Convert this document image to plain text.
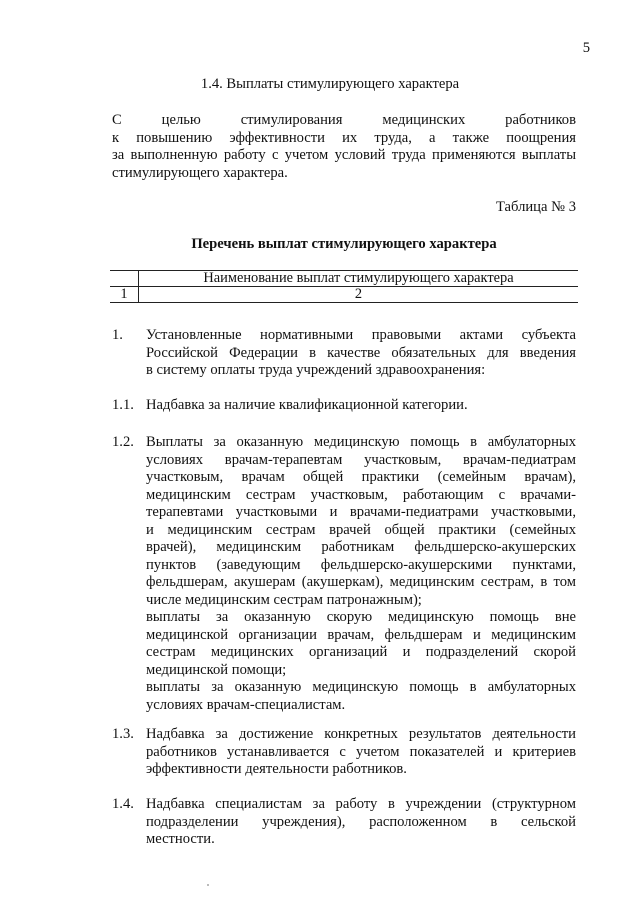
5
1.4. Выплаты стимулирующего характера
С целью стимулирования медицинских работников
к повышению эффективности их труда, а также поощрения
за выполненную работу с учетом условий труда применяются выплаты
стимулирующего характера.
Таблица № 3
Перечень выплат стимулирующего характера
	Наименование выплат стимулирующего характера
1	2
1.	Установленные нормативными правовыми актами субъекта
Российской Федерации в качестве обязательных для введения
в систему оплаты труда учреждений здравоохранения:
1.1. Надбавка за наличие квалификационной категории.
1.2. Выплаты за оказанную медицинскую помощь в амбулаторных
условиях врачам-терапевтам участковым, врачам-педиатрам
участковым, врачам общей практики (семейным врачам),
медицинским сестрам участковым, работающим с врачами-
терапевтами участковыми и врачами-педиатрами участковыми,
и медицинским сестрам врачей общей практики (семейных
врачей), медицинским работникам фельдшерско-акушерских
пунктов (заведующим фельдшерско-акушерскими пунктами,
фельдшерам, акушерам (акушеркам), медицинским сестрам, в том
числе медицинским сестрам патронажным);
выплаты за оказанную скорую медицинскую помощь вне
медицинской организации врачам, фельдшерам и медицинским
сестрам медицинских организаций и подразделений скорой
медицинской помощи;
выплаты за оказанную медицинскую помощь в амбулаторных
условиях врачам-специалистам.
1.3. Надбавка за достижение конкретных результатов деятельности
работников устанавливается с учетом показателей и критериев
эффективности деятельности работников.
1.4. Надбавка специалистам за работу в учреждении (структурном
подразделении учреждения), расположенном в сельской
местности.
